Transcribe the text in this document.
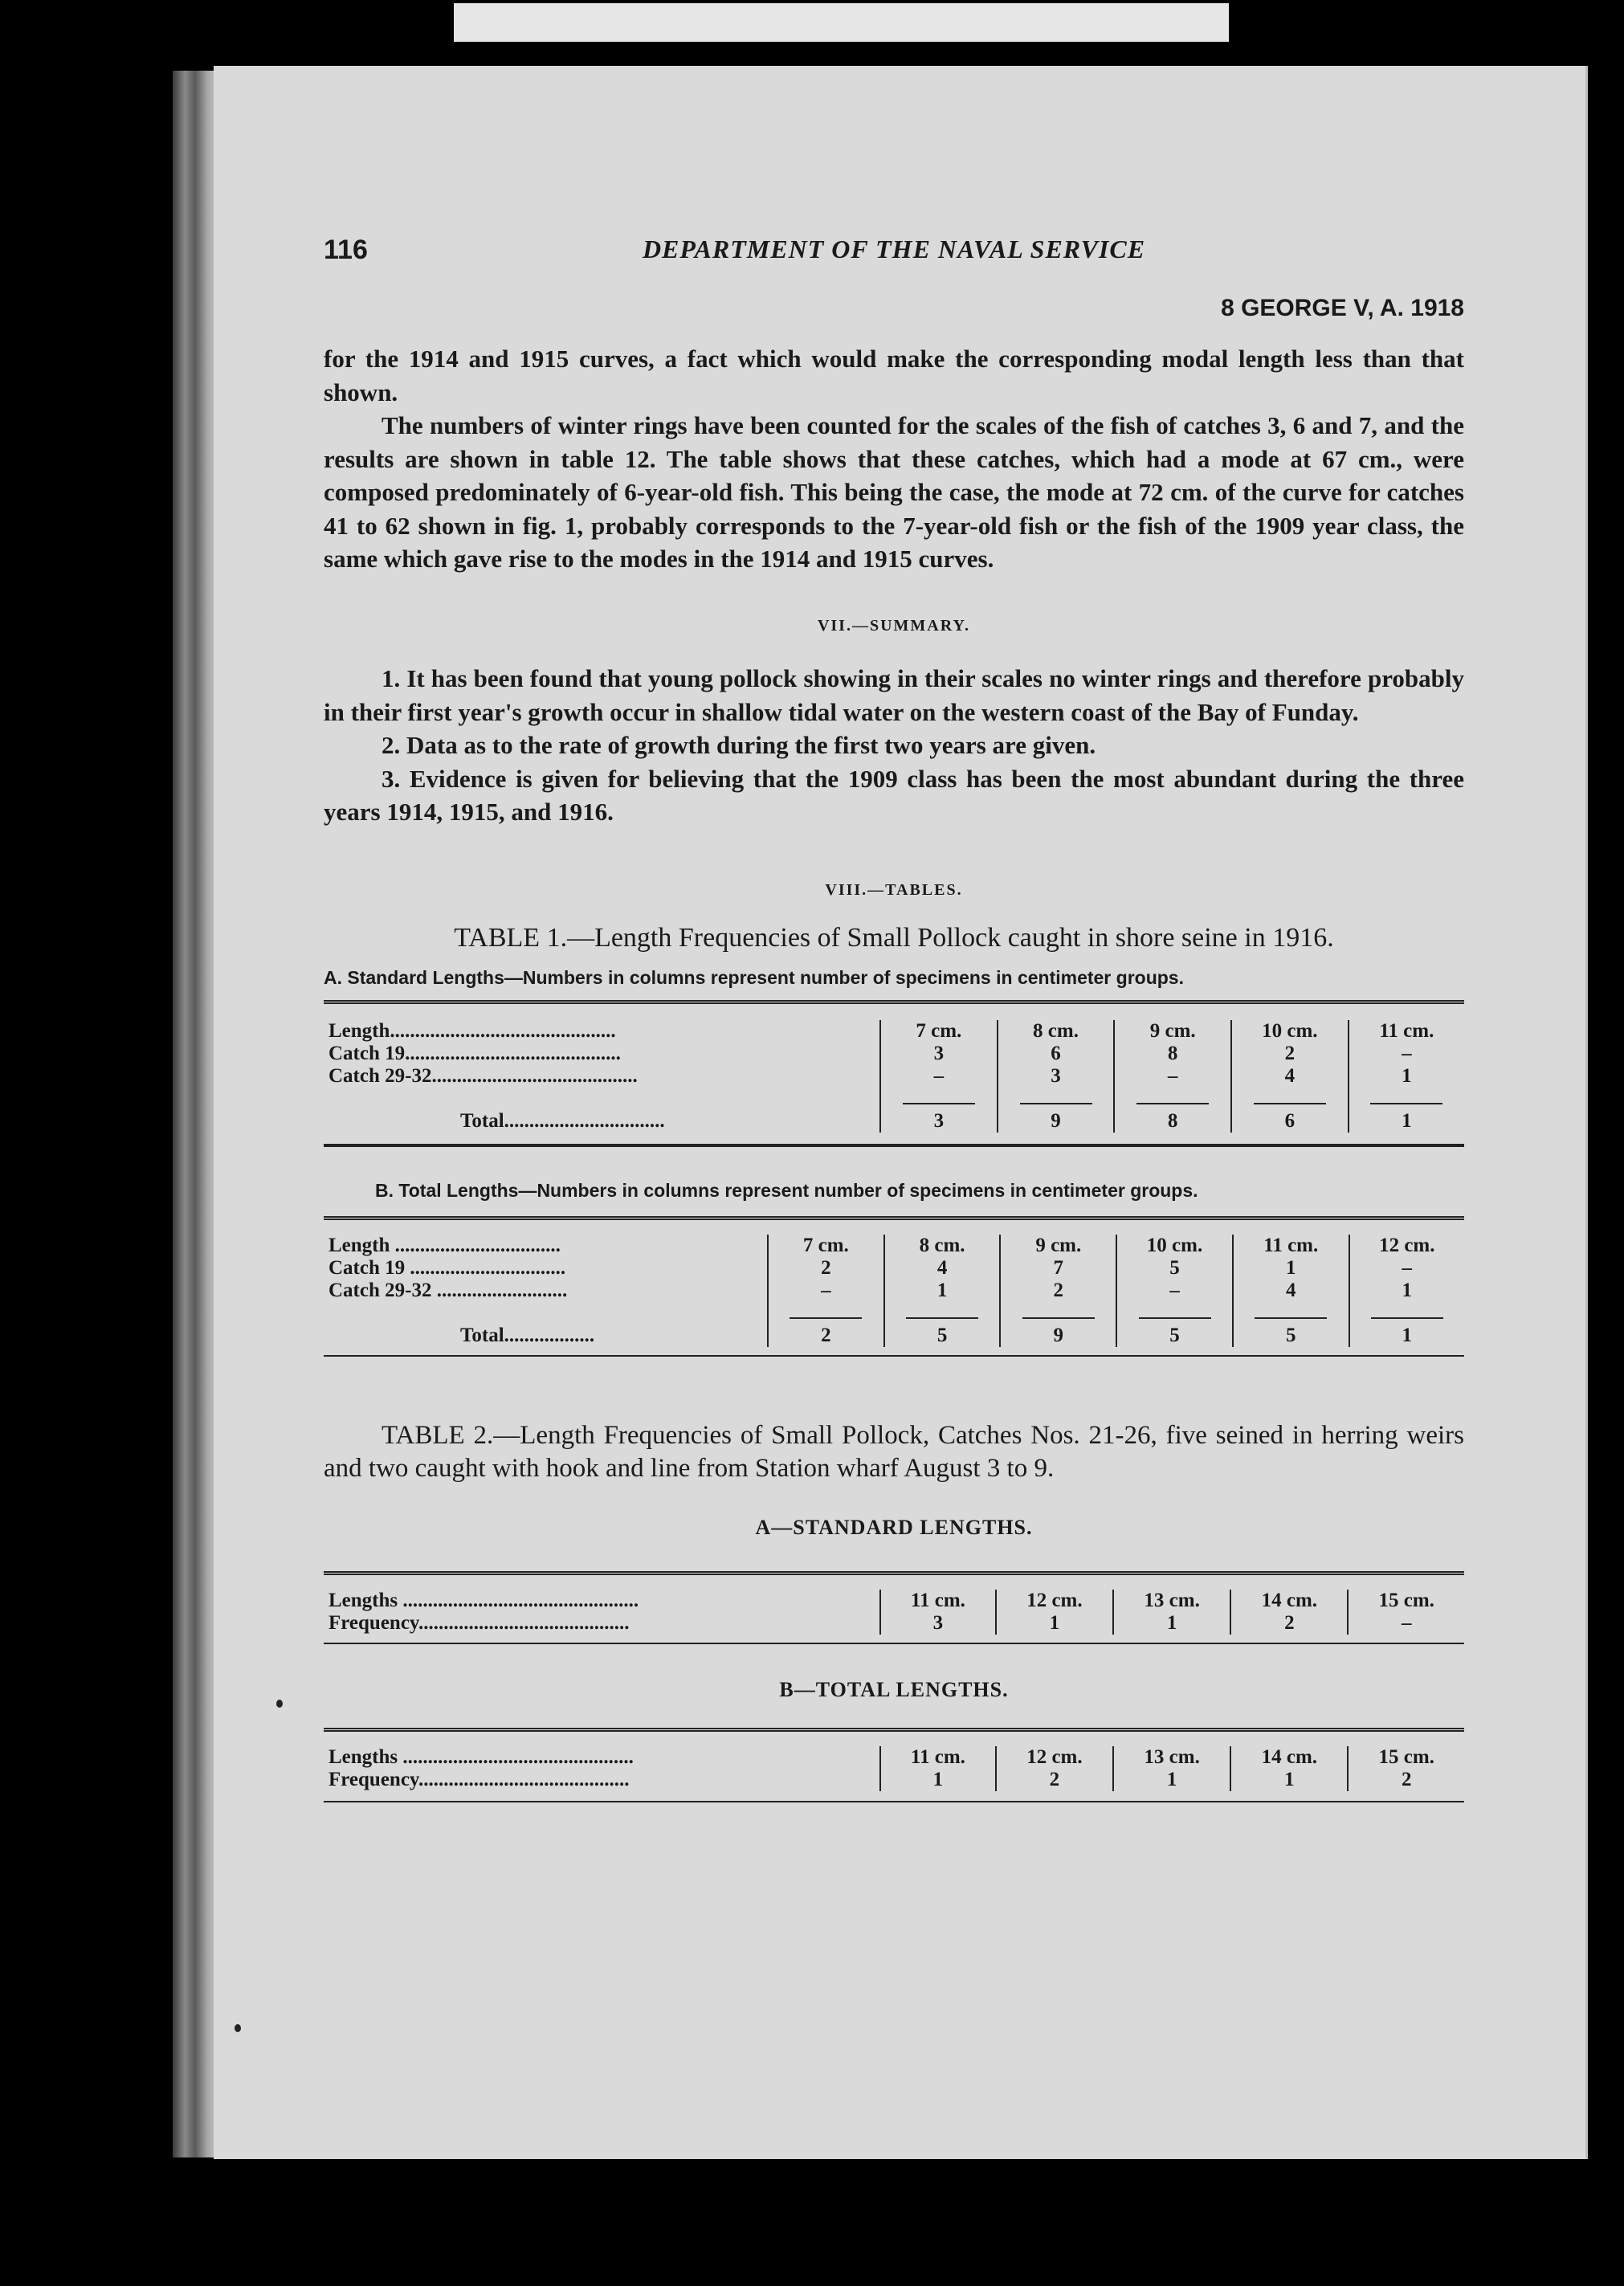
116	DEPARTMENT OF THE NAVAL SERVICE
8 GEORGE V, A. 1918

for the 1914 and 1915 curves, a fact which would make the corresponding modal length less than that shown.

The numbers of winter rings have been counted for the scales of the fish of catches 3, 6 and 7, and the results are shown in table 12. The table shows that these catches, which had a mode at 67 cm., were composed predominately of 6-year-old fish. This being the case, the mode at 72 cm. of the curve for catches 41 to 62 shown in fig. 1, probably corresponds to the 7-year-old fish or the fish of the 1909 year class, the same which gave rise to the modes in the 1914 and 1915 curves.

VII.—SUMMARY.

1. It has been found that young pollock showing in their scales no winter rings and therefore probably in their first year's growth occur in shallow tidal water on the western coast of the Bay of Funday.

2. Data as to the rate of growth during the first two years are given.

3. Evidence is given for believing that the 1909 class has been the most abundant during the three years 1914, 1915, and 1916.

VIII.—TABLES.
TABLE 1.—Length Frequencies of Small Pollock caught in shore seine in 1916.
A. Standard Lengths—Numbers in columns represent number of specimens in centimeter groups.
Length.............................................	7 cm.	8 cm.	9 cm.	10 cm.	11 cm.
Catch 19...........................................	3	6	8	2	–
Catch 29-32.........................................	–	3	–	4	1

Total................................	3	9	8	6	1
B. Total Lengths—Numbers in columns represent number of specimens in centimeter groups.
Length .................................	7 cm.	8 cm.	9 cm.	10 cm.	11 cm.	12 cm.
Catch 19 ...............................	2	4	7	5	1	–
Catch 29-32 ..........................	–	1	2	–	4	1

Total..................	2	5	9	5	5	1
TABLE 2.—Length Frequencies of Small Pollock, Catches Nos. 21-26, five seined in herring weirs and two caught with hook and line from Station wharf August 3 to 9.
A—STANDARD LENGTHS.
Lengths ...............................................	11 cm.	12 cm.	13 cm.	14 cm.	15 cm.
Frequency..........................................	3	1	1	2	–
B—TOTAL LENGTHS.
Lengths ..............................................	11 cm.	12 cm.	13 cm.	14 cm.	15 cm.
Frequency..........................................	1	2	1	1	2
